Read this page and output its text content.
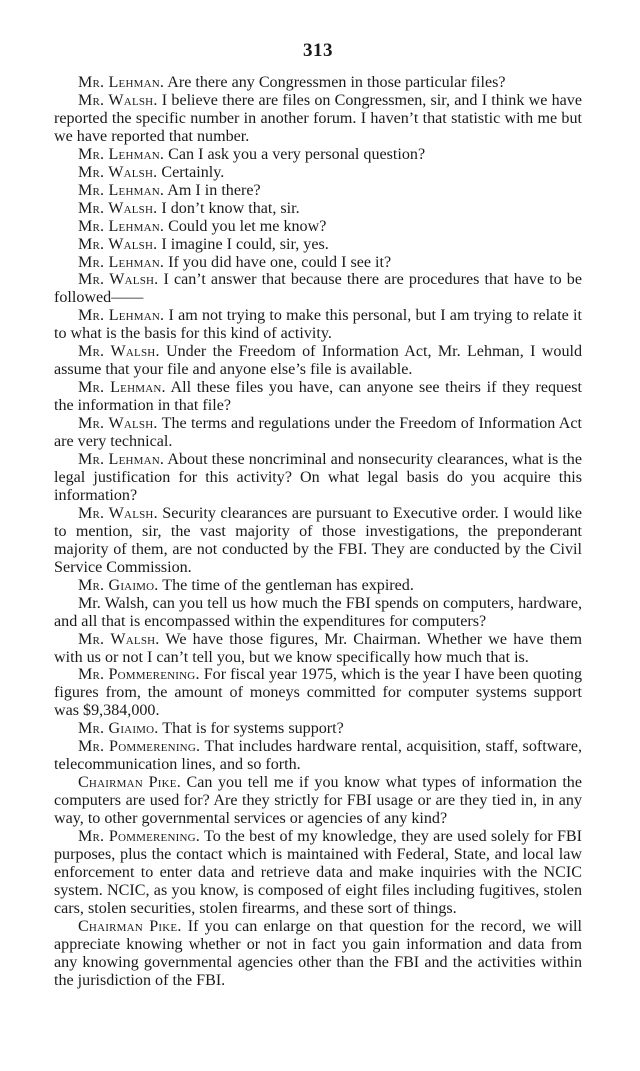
313

Mr. Lehman. Are there any Congressmen in those particular files?

Mr. Walsh. I believe there are files on Congressmen, sir, and I think we have reported the specific number in another forum. I haven’t that statistic with me but we have reported that number.

Mr. Lehman. Can I ask you a very personal question?

Mr. Walsh. Certainly.

Mr. Lehman. Am I in there?

Mr. Walsh. I don’t know that, sir.

Mr. Lehman. Could you let me know?

Mr. Walsh. I imagine I could, sir, yes.

Mr. Lehman. If you did have one, could I see it?

Mr. Walsh. I can’t answer that because there are procedures that have to be followed——

Mr. Lehman. I am not trying to make this personal, but I am trying to relate it to what is the basis for this kind of activity.

Mr. Walsh. Under the Freedom of Information Act, Mr. Lehman, I would assume that your file and anyone else’s file is available.

Mr. Lehman. All these files you have, can anyone see theirs if they request the information in that file?

Mr. Walsh. The terms and regulations under the Freedom of Information Act are very technical.

Mr. Lehman. About these noncriminal and nonsecurity clearances, what is the legal justification for this activity? On what legal basis do you acquire this information?

Mr. Walsh. Security clearances are pursuant to Executive order. I would like to mention, sir, the vast majority of those investigations, the preponderant majority of them, are not conducted by the FBI. They are conducted by the Civil Service Commission.

Mr. Giaimo. The time of the gentleman has expired.

Mr. Walsh, can you tell us how much the FBI spends on computers, hardware, and all that is encompassed within the expenditures for computers?

Mr. Walsh. We have those figures, Mr. Chairman. Whether we have them with us or not I can’t tell you, but we know specifically how much that is.

Mr. Pommerening. For fiscal year 1975, which is the year I have been quoting figures from, the amount of moneys committed for computer systems support was $9,384,000.

Mr. Giaimo. That is for systems support?

Mr. Pommerening. That includes hardware rental, acquisition, staff, software, telecommunication lines, and so forth.

Chairman Pike. Can you tell me if you know what types of information the computers are used for? Are they strictly for FBI usage or are they tied in, in any way, to other governmental services or agencies of any kind?

Mr. Pommerening. To the best of my knowledge, they are used solely for FBI purposes, plus the contact which is maintained with Federal, State, and local law enforcement to enter data and retrieve data and make inquiries with the NCIC system. NCIC, as you know, is composed of eight files including fugitives, stolen cars, stolen securities, stolen firearms, and these sort of things.

Chairman Pike. If you can enlarge on that question for the record, we will appreciate knowing whether or not in fact you gain information and data from any knowing governmental agencies other than the FBI and the activities within the jurisdiction of the FBI.
